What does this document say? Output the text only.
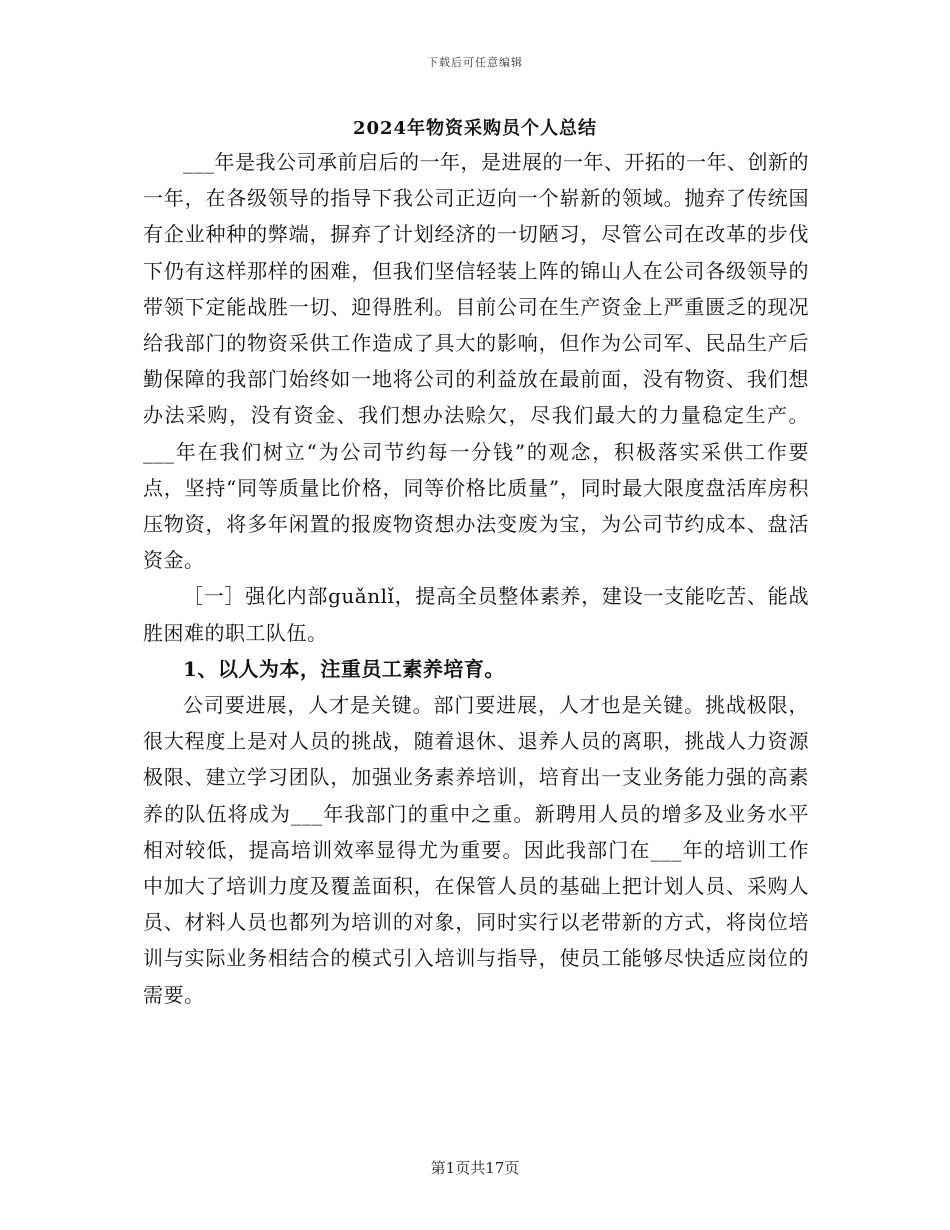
下载后可任意编辑
2024年物资采购员个人总结

___年是我公司承前启后的一年，是进展的一年、开拓的一年、创新的一年，在各级领导的指导下我公司正迈向一个崭新的领域。抛弃了传统国有企业种种的弊端，摒弃了计划经济的一切陋习，尽管公司在改革的步伐下仍有这样那样的困难，但我们坚信轻装上阵的锦山人在公司各级领导的带领下定能战胜一切、迎得胜利。目前公司在生产资金上严重匮乏的现况给我部门的物资采供工作造成了具大的影响，但作为公司军、民品生产后勤保障的我部门始终如一地将公司的利益放在最前面，没有物资、我们想办法采购，没有资金、我们想办法赊欠，尽我们最大的力量稳定生产。___年在我们树立“为公司节约每一分钱”的观念，积极落实采供工作要点，坚持“同等质量比价格，同等价格比质量”，同时最大限度盘活库房积压物资，将多年闲置的报废物资想办法变废为宝，为公司节约成本、盘活资金。

［一］强化内部guǎnlǐ，提高全员整体素养，建设一支能吃苦、能战胜困难的职工队伍。

1、以人为本，注重员工素养培育。

公司要进展，人才是关键。部门要进展，人才也是关键。挑战极限，很大程度上是对人员的挑战，随着退休、退养人员的离职，挑战人力资源极限、建立学习团队，加强业务素养培训，培育出一支业务能力强的高素养的队伍将成为___年我部门的重中之重。新聘用人员的增多及业务水平相对较低，提高培训效率显得尤为重要。因此我部门在___年的培训工作中加大了培训力度及覆盖面积，在保管人员的基础上把计划人员、采购人员、材料人员也都列为培训的对象，同时实行以老带新的方式，将岗位培训与实际业务相结合的模式引入培训与指导，使员工能够尽快适应岗位的需要。

第1页共17页
